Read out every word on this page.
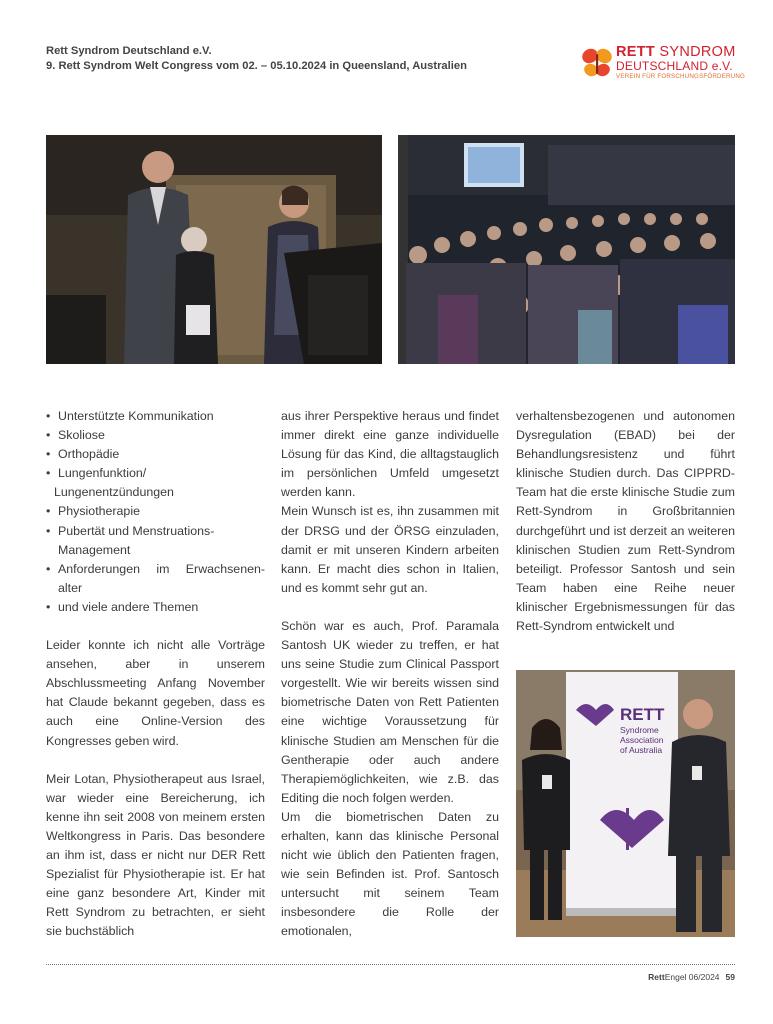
Rett Syndrom Deutschland e.V.
9. Rett Syndrom Welt Congress vom 02. – 05.10.2024 in Queensland, Australien
RETT SYNDROM
DEUTSCHLAND e.V.
VEREIN FÜR FORSCHUNGSFÖRDERUNG
RETT
Syndrome
Association
of Australia
• Unterstützte Kommunikation
• Skoliose
• Orthopädie
• Lungenfunktion/
Lungenentzündungen
• Physiotherapie
• Pubertät und Menstruations-
Management
• Anforderungen im Erwachsenen-
alter
• und viele andere Themen

Leider konnte ich nicht alle Vorträge ansehen, aber in unserem Abschlussmeeting Anfang November hat Claude bekannt gegeben, dass es auch eine Online-Version des Kongresses geben wird.

Meir Lotan, Physiotherapeut aus Israel, war wieder eine Bereicherung, ich kenne ihn seit 2008 von meinem ersten Weltkongress in Paris. Das besondere an ihm ist, dass er nicht nur DER Rett Spezialist für Physiotherapie ist. Er hat eine ganz besondere Art, Kinder mit Rett Syndrom zu betrachten, er sieht sie buchstäblich

aus ihrer Perspektive heraus und findet immer direkt eine ganze individuelle Lösung für das Kind, die alltagstauglich im persönlichen Umfeld umgesetzt werden kann.

Mein Wunsch ist es, ihn zusammen mit der DRSG und der ÖRSG einzuladen, damit er mit unseren Kindern arbeiten kann. Er macht dies schon in Italien, und es kommt sehr gut an.

Schön war es auch, Prof. Paramala Santosh UK wieder zu treffen, er hat uns seine Studie zum Clinical Passport vorgestellt. Wie wir bereits wissen sind biometrische Daten von Rett Patienten eine wichtige Voraussetzung für klinische Studien am Menschen für die Gentherapie oder auch andere Therapiemöglichkeiten, wie z.B. das Editing die noch folgen werden.

Um die biometrischen Daten zu erhalten, kann das klinische Personal nicht wie üblich den Patienten fragen, wie sein Befinden ist. Prof. Santosch untersucht mit seinem Team insbesondere die Rolle der emotionalen,

verhaltensbezogenen und autonomen Dysregulation (EBAD) bei der Behandlungsresistenz und führt klinische Studien durch. Das CIPPRD-Team hat die erste klinische Studie zum Rett-Syndrom in Großbritannien durchgeführt und ist derzeit an weiteren klinischen Studien zum Rett-Syndrom beteiligt. Professor Santosh und sein Team haben eine Reihe neuer klinischer Ergebnismessungen für das Rett-Syndrom entwickelt und

RettEngel 06/2024 59
